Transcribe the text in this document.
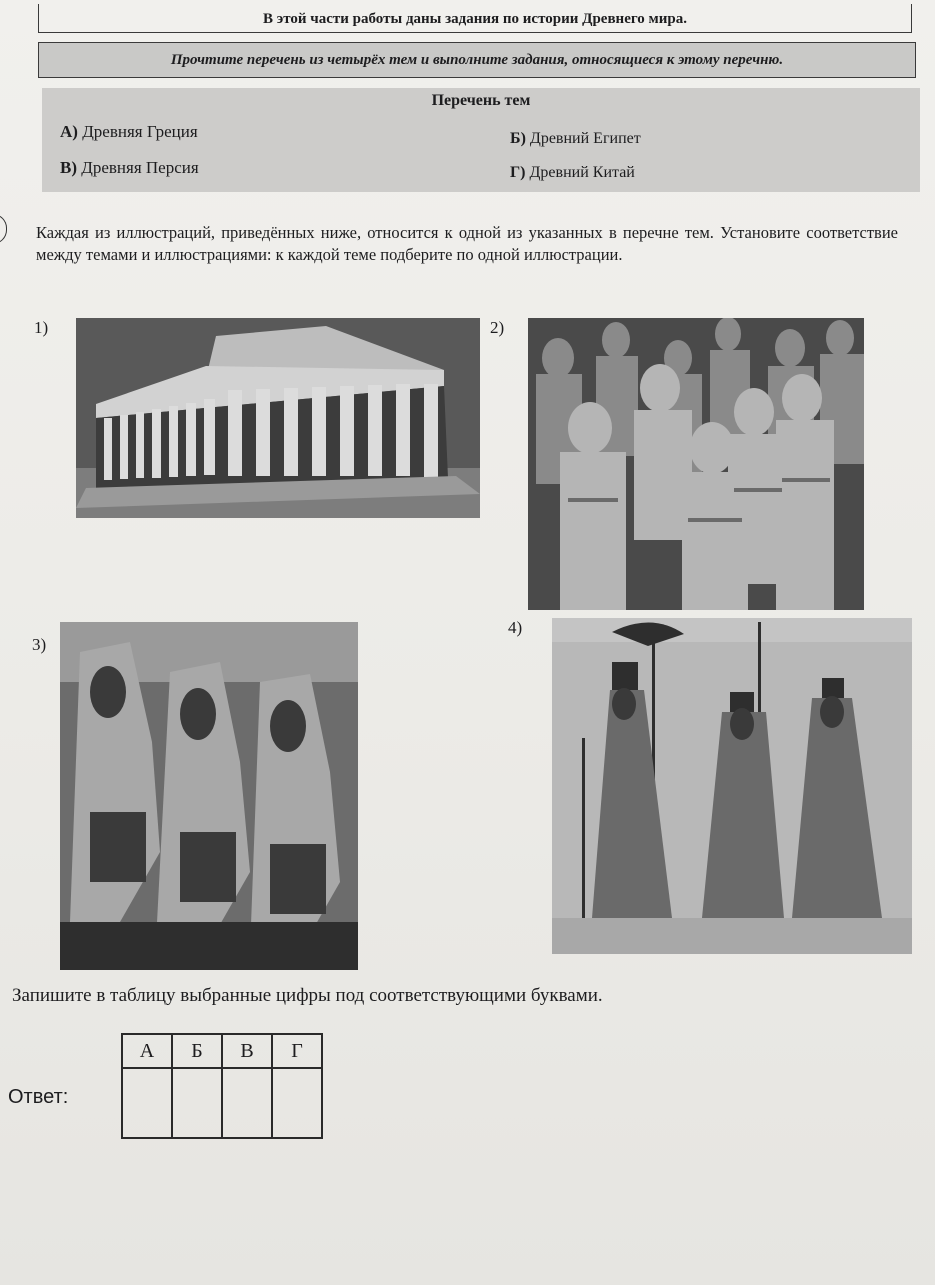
В этой части работы даны задания по истории Древнего мира.
Прочтите перечень из четырёх тем и выполните задания, относящиеся к этому перечню.
Перечень тем
А) Древняя Греция
В) Древняя Персия
Б) Древний Египет
Г) Древний Китай
Каждая из иллюстраций, приведённых ниже, относится к одной из указанных в перечне тем. Установите соответствие между темами и иллюстрациями: к каждой теме подберите по одной иллюстрации.
1)	2)
3)
4)
Запишите в таблицу выбранные цифры под соответствующими буквами.
Ответ:
А	Б	В	Г
